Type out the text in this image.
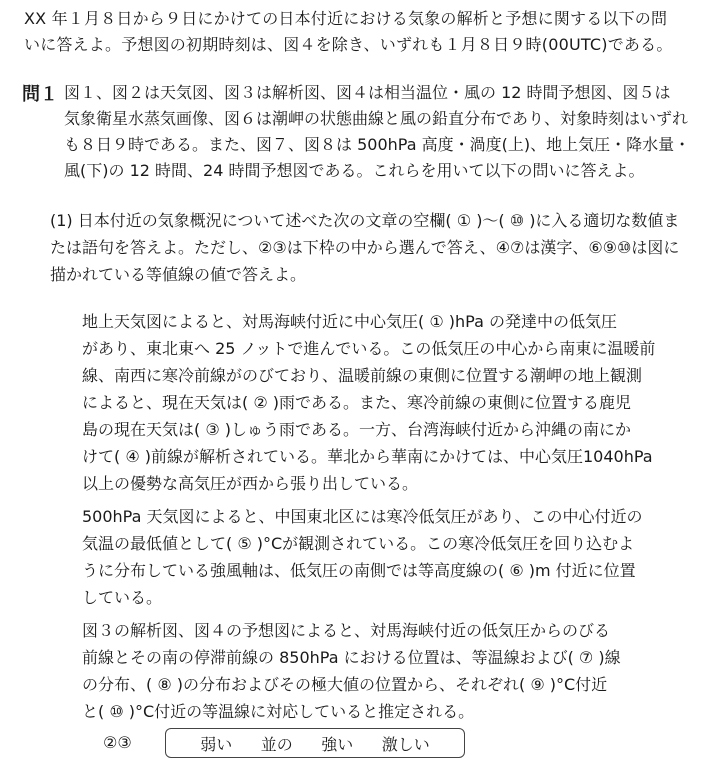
XX 年１月８日から９日にかけての日本付近における気象の解析と予想に関する以下の問
いに答えよ。予想図の初期時刻は、図４を除き、いずれも１月８日９時(00UTC)である。
問１ 図１、図２は天気図、図３は解析図、図４は相当温位・風の 12 時間予想図、図５は
気象衛星水蒸気画像、図６は潮岬の状態曲線と風の鉛直分布であり、対象時刻はいずれ
も８日９時である。また、図７、図８は 500hPa 高度・渦度(上)、地上気圧・降水量・
風(下)の 12 時間、24 時間予想図である。これらを用いて以下の問いに答えよ。
(1) 日本付近の気象概況について述べた次の文章の空欄( ① )〜( ⑩ )に入る適切な数値ま
たは語句を答えよ。ただし、②③は下枠の中から選んで答え、④⑦は漢字、⑥⑨⑩は図に
描かれている等値線の値で答えよ。
地上天気図によると、対馬海峡付近に中心気圧( ① )hPa の発達中の低気圧
があり、東北東へ 25 ノットで進んでいる。この低気圧の中心から南東に温暖前
線、南西に寒冷前線がのびており、温暖前線の東側に位置する潮岬の地上観測
によると、現在天気は( ② )雨である。また、寒冷前線の東側に位置する鹿児
島の現在天気は( ③ )しゅう雨である。一方、台湾海峡付近から沖縄の南にか
けて( ④ )前線が解析されている。華北から華南にかけては、中心気圧1040hPa
以上の優勢な高気圧が西から張り出している。
500hPa 天気図によると、中国東北区には寒冷低気圧があり、この中心付近の
気温の最低値として( ⑤ )°Cが観測されている。この寒冷低気圧を回り込むよ
うに分布している強風軸は、低気圧の南側では等高度線の( ⑥ )m 付近に位置
している。
図３の解析図、図４の予想図によると、対馬海峡付近の低気圧からのびる
前線とその南の停滞前線の 850hPa における位置は、等温線および( ⑦ )線
の分布、( ⑧ )の分布およびその極大値の位置から、それぞれ( ⑨ )°C付近
と( ⑩ )°C付近の等温線に対応していると推定される。
②③	弱い 並の 強い 激しい
